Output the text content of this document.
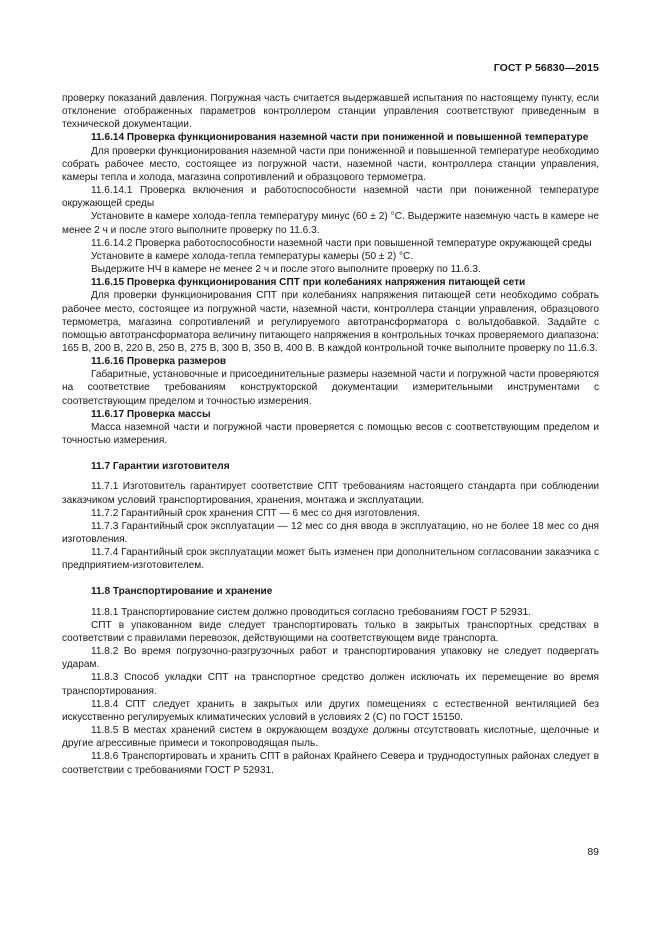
ГОСТ Р 56830—2015

проверку показаний давления. Погружная часть считается выдержавшей испытания по настоящему пункту, если отклонение отображенных параметров контроллером станции управления соответствуют приведенным в технической документации.

11.6.14 Проверка функционирования наземной части при пониженной и повышенной температуре

Для проверки функционирования наземной части при пониженной и повышенной температуре необходимо собрать рабочее место, состоящее из погружной части, наземной части, контроллера станции управления, камеры тепла и холода, магазина сопротивлений и образцового термометра.

11.6.14.1 Проверка включения и работоспособности наземной части при пониженной температуре окружающей среды

Установите в камере холода-тепла температуру минус (60 ± 2) °С. Выдержите наземную часть в камере не менее 2 ч и после этого выполните проверку по 11.6.3.

11.6.14.2 Проверка работоспособности наземной части при повышенной температуре окружающей среды

Установите в камере холода-тепла температуры камеры (50 ± 2) °С.

Выдержите НЧ в камере не менее 2 ч и после этого выполните проверку по 11.6.3.

11.6.15 Проверка функционирования СПТ при колебаниях напряжения питающей сети

Для проверки функционирования СПТ при колебаниях напряжения питающей сети необходимо собрать рабочее место, состоящее из погружной части, наземной части, контроллера станции управления, образцового термометра, магазина сопротивлений и регулируемого автотрансформатора с вольтдобавкой. Задайте с помощью автотрансформатора величину питающего напряжения в контрольных точках проверяемого диапазона: 165 В, 200 В, 220 В, 250 В, 275 В, 300 В, 350 В, 400 В. В каждой контрольной точке выполните проверку по 11.6.3.

11.6.16 Проверка размеров

Габаритные, установочные и присоединительные размеры наземной части и погружной части проверяются на соответствие требованиям конструкторской документации измерительными инструментами с соответствующим пределом и точностью измерения.

11.6.17 Проверка массы

Масса наземной части и погружной части проверяется с помощью весов с соответствующим пределом и точностью измерения.

11.7 Гарантии изготовителя

11.7.1 Изготовитель гарантирует соответствие СПТ требованиям настоящего стандарта при соблюдении заказчиком условий транспортирования, хранения, монтажа и эксплуатации.

11.7.2 Гарантийный срок хранения СПТ — 6 мес со дня изготовления.

11.7.3 Гарантийный срок эксплуатации — 12 мес со дня ввода в эксплуатацию, но не более 18 мес со дня изготовления.

11.7.4 Гарантийный срок эксплуатации может быть изменен при дополнительном согласовании заказчика с предприятием-изготовителем.

11.8 Транспортирование и хранение

11.8.1 Транспортирование систем должно проводиться согласно требованиям ГОСТ Р 52931.

СПТ в упакованном виде следует транспортировать только в закрытых транспортных средствах в соответствии с правилами перевозок, действующими на соответствующем виде транспорта.

11.8.2 Во время погрузочно-разгрузочных работ и транспортирования упаковку не следует подвергать ударам.

11.8.3 Способ укладки СПТ на транспортное средство должен исключать их перемещение во время транспортирования.

11.8.4 СПТ следует хранить в закрытых или других помещениях с естественной вентиляцией без искусственно регулируемых климатических условий в условиях 2 (С) по ГОСТ 15150.

11.8.5 В местах хранений систем в окружающем воздухе должны отсутствовать кислотные, щелочные и другие агрессивные примеси и токопроводящая пыль.

11.8.6 Транспортировать и хранить СПТ в районах Крайнего Севера и труднодоступных районах следует в соответствии с требованиями ГОСТ Р 52931.

89
